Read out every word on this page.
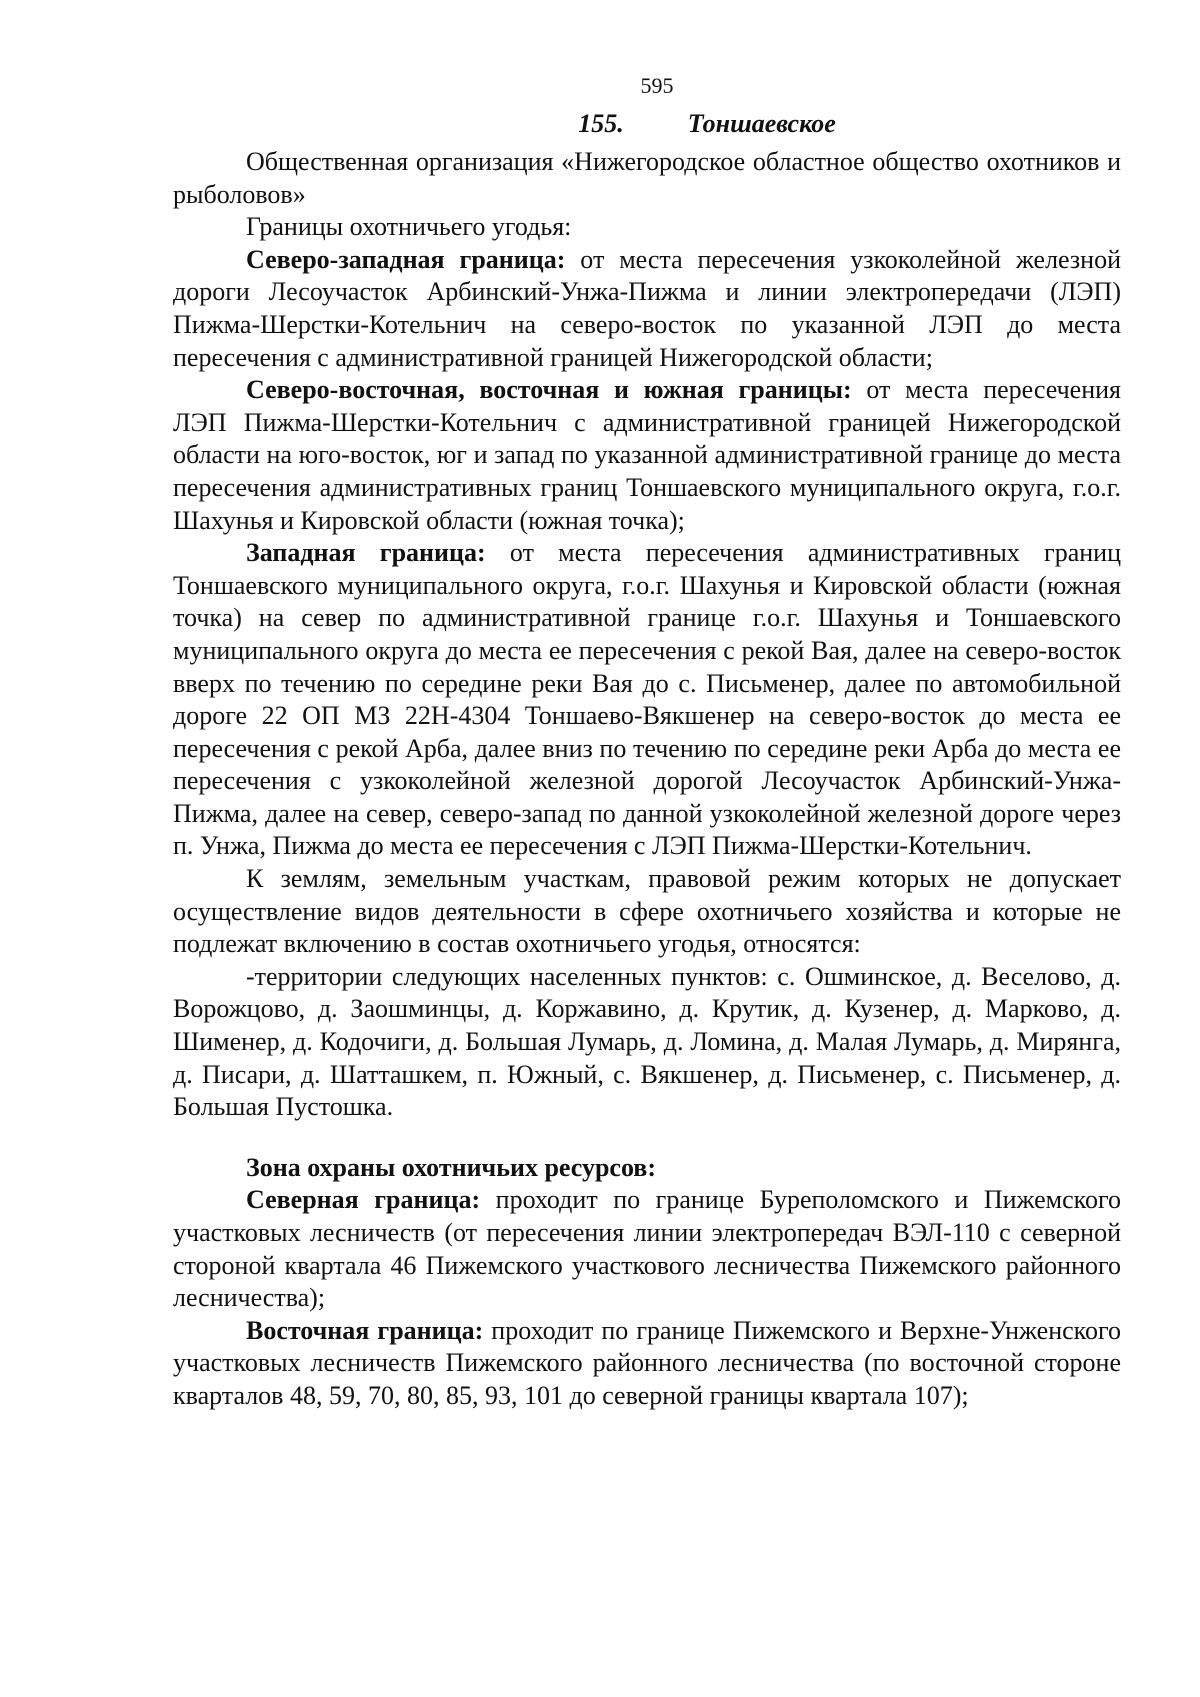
595
155. Тоншаевское

Общественная организация «Нижегородское областное общество охотников и рыболовов»

Границы охотничьего угодья:

Северо-западная граница: от места пересечения узкоколейной железной дороги Лесоучасток Арбинский-Унжа-Пижма и линии электропередачи (ЛЭП) Пижма-Шерстки-Котельнич на северо-восток по указанной ЛЭП до места пересечения с административной границей Нижегородской области;

Северо-восточная, восточная и южная границы: от места пересечения ЛЭП Пижма-Шерстки-Котельнич с административной границей Нижегородской области на юго-восток, юг и запад по указанной административной границе до места пересечения административных границ Тоншаевского муниципального округа, г.о.г. Шахунья и Кировской области (южная точка);

Западная граница: от места пересечения административных границ Тоншаевского муниципального округа, г.о.г. Шахунья и Кировской области (южная точка) на север по административной границе г.о.г. Шахунья и Тоншаевского муниципального округа до места ее пересечения с рекой Вая, далее на северо-восток вверх по течению по середине реки Вая до с. Письменер, далее по автомобильной дороге 22 ОП МЗ 22Н-4304 Тоншаево-Вякшенер на северо-восток до места ее пересечения с рекой Арба, далее вниз по течению по середине реки Арба до места ее пересечения с узкоколейной железной дорогой Лесоучасток Арбинский-Унжа-Пижма, далее на север, северо-запад по данной узкоколейной железной дороге через п. Унжа, Пижма до места ее пересечения с ЛЭП Пижма-Шерстки-Котельнич.

К землям, земельным участкам, правовой режим которых не допускает осуществление видов деятельности в сфере охотничьего хозяйства и которые не подлежат включению в состав охотничьего угодья, относятся:

-территории следующих населенных пунктов: с. Ошминское, д. Веселово, д. Ворожцово, д. Заошминцы, д. Коржавино, д. Крутик, д. Кузенер, д. Марково, д. Шименер, д. Кодочиги, д. Большая Лумарь, д. Ломина, д. Малая Лумарь, д. Мирянга, д. Писари, д. Шатташкем, п. Южный, с. Вякшенер, д. Письменер, с. Письменер, д. Большая Пустошка.

Зона охраны охотничьих ресурсов:

Северная граница: проходит по границе Буреполомского и Пижемского участковых лесничеств (от пересечения линии электропередач ВЭЛ-110 с северной стороной квартала 46 Пижемского участкового лесничества Пижемского районного лесничества);

Восточная граница: проходит по границе Пижемского и Верхне-Унженского участковых лесничеств Пижемского районного лесничества (по восточной стороне кварталов 48, 59, 70, 80, 85, 93, 101 до северной границы квартала 107);
